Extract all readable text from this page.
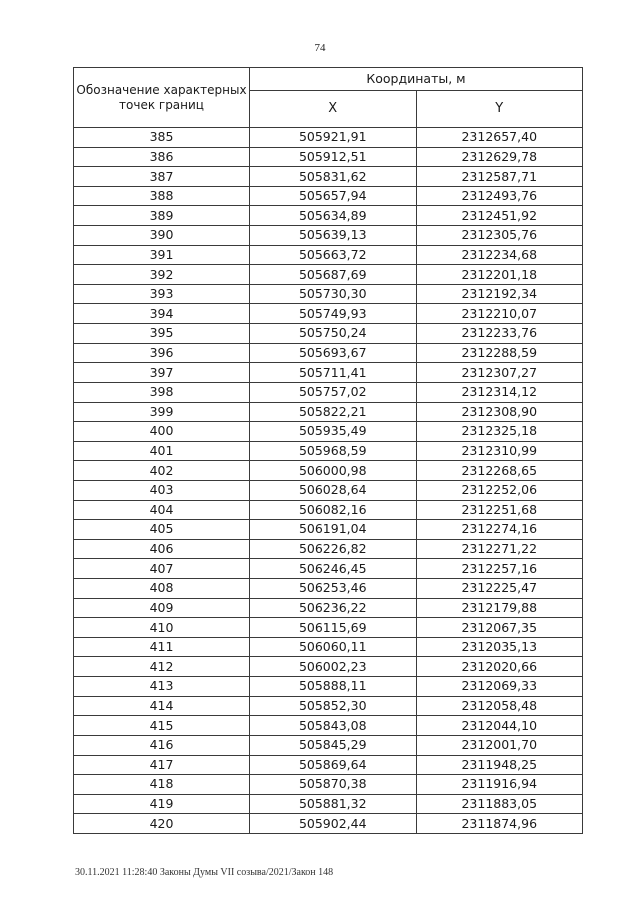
74
Обозначение характерных точек границ	Координаты, м	
	X	Y
385	505921,91	2312657,40
386	505912,51	2312629,78
387	505831,62	2312587,71
388	505657,94	2312493,76
389	505634,89	2312451,92
390	505639,13	2312305,76
391	505663,72	2312234,68
392	505687,69	2312201,18
393	505730,30	2312192,34
394	505749,93	2312210,07
395	505750,24	2312233,76
396	505693,67	2312288,59
397	505711,41	2312307,27
398	505757,02	2312314,12
399	505822,21	2312308,90
400	505935,49	2312325,18
401	505968,59	2312310,99
402	506000,98	2312268,65
403	506028,64	2312252,06
404	506082,16	2312251,68
405	506191,04	2312274,16
406	506226,82	2312271,22
407	506246,45	2312257,16
408	506253,46	2312225,47
409	506236,22	2312179,88
410	506115,69	2312067,35
411	506060,11	2312035,13
412	506002,23	2312020,66
413	505888,11	2312069,33
414	505852,30	2312058,48
415	505843,08	2312044,10
416	505845,29	2312001,70
417	505869,64	2311948,25
418	505870,38	2311916,94
419	505881,32	2311883,05
420	505902,44	2311874,96
30.11.2021 11:28:40 Законы Думы VII созыва/2021/Закон 148
